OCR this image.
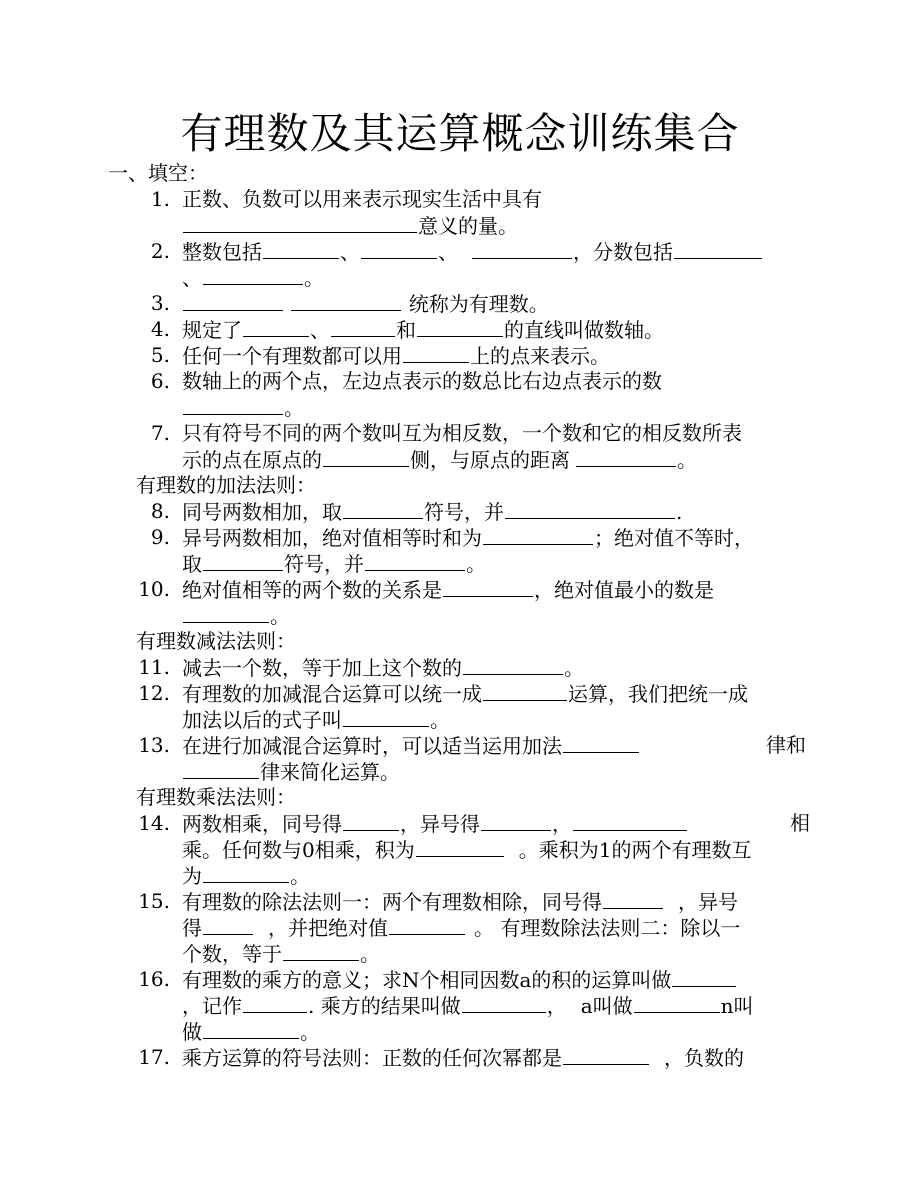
有理数及其运算概念训练集合
一、填空：
1. 正数、负数可以用来表示现实生活中具有
意义的量。
2. 整数包括	、	、	，分数包括
、	。
3.	统称为有理数。
4. 规定了	、	和	的直线叫做数轴。
5. 任何一个有理数都可以用	上的点来表示。
6. 数轴上的两个点，左边点表示的数总比右边点表示的数
。
7. 只有符号不同的两个数叫互为相反数，一个数和它的相反数所表
示的点在原点的	侧，与原点的距离	。
有理数的加法法则：
8. 同号两数相加，取	符号，并	.
9. 异号两数相加，绝对值相等时和为	；绝对值不等时，
取	符号，并	。
10. 绝对值相等的两个数的关系是	，绝对值最小的数是
。
有理数减法法则：
11. 减去一个数，等于加上这个数的	。
12. 有理数的加减混合运算可以统一成	运算，我们把统一成
加法以后的式子叫	。
13. 在进行加减混合运算时，可以适当运用加法	律和
律来简化运算。
有理数乘法法则：
14. 两数相乘，同号得	，异号得	，	相
乘。任何数与0相乘，积为	。乘积为1的两个有理数互
为	。
15. 有理数的除法法则一：两个有理数相除，同号得	，异号
得	，并把绝对值	。 有理数除法法则二：除以一
个数，等于	。
16. 有理数的乘方的意义；求N个相同因数a的积的运算叫做
，记作	. 乘方的结果叫做	， a叫做	n叫
做	。
17. 乘方运算的符号法则：正数的任何次幂都是	，负数的
